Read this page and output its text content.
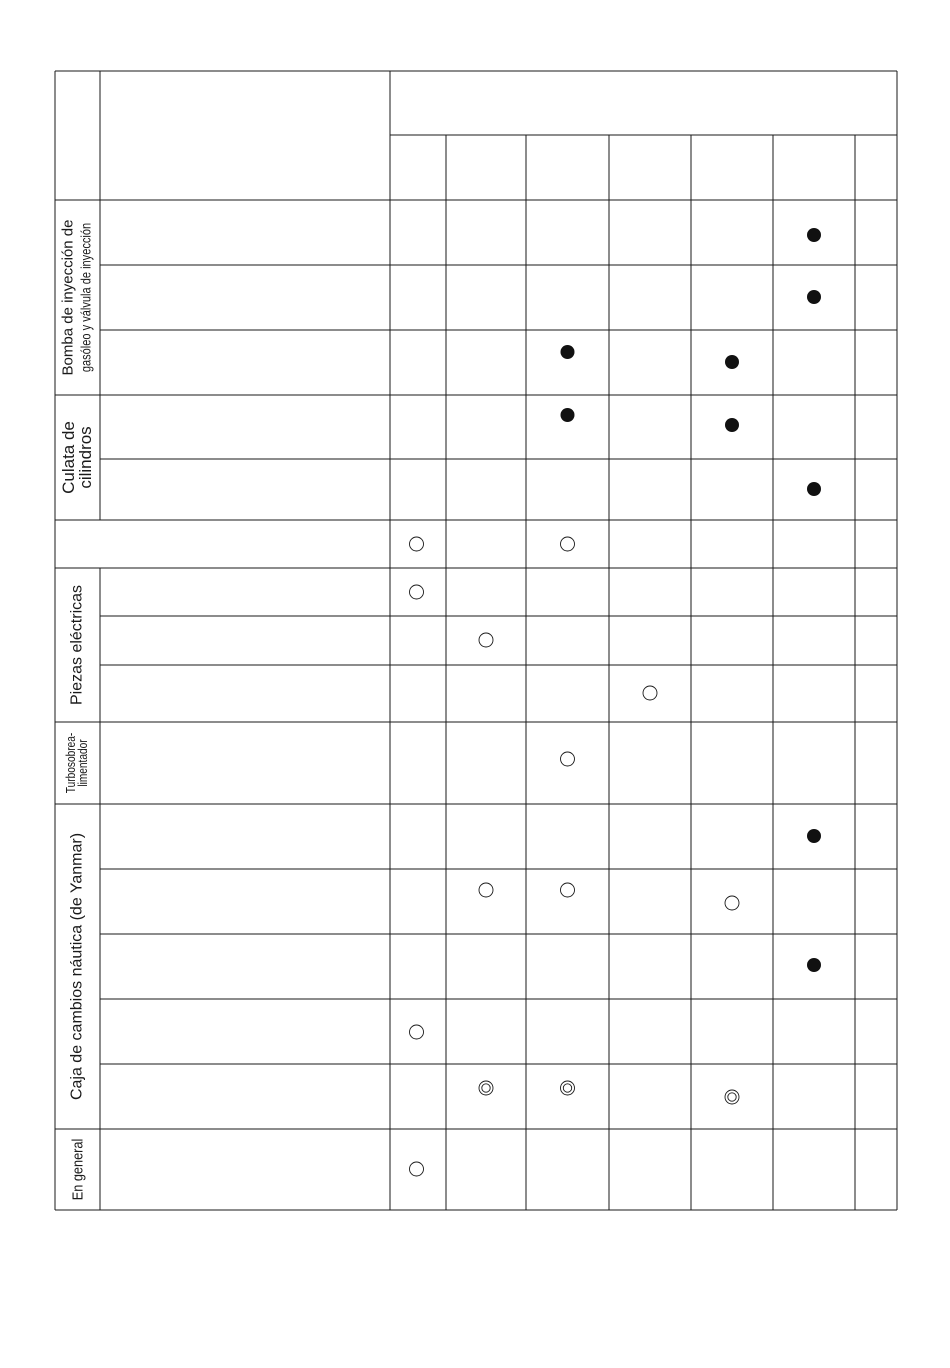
Bomba de inyección de gasóleo y válvula de inyección
Culata de
cilindros
Piezas eléctricas
Turbosobrea-
limentador
Caja de cambios náutica (de Yanmar)
En general
